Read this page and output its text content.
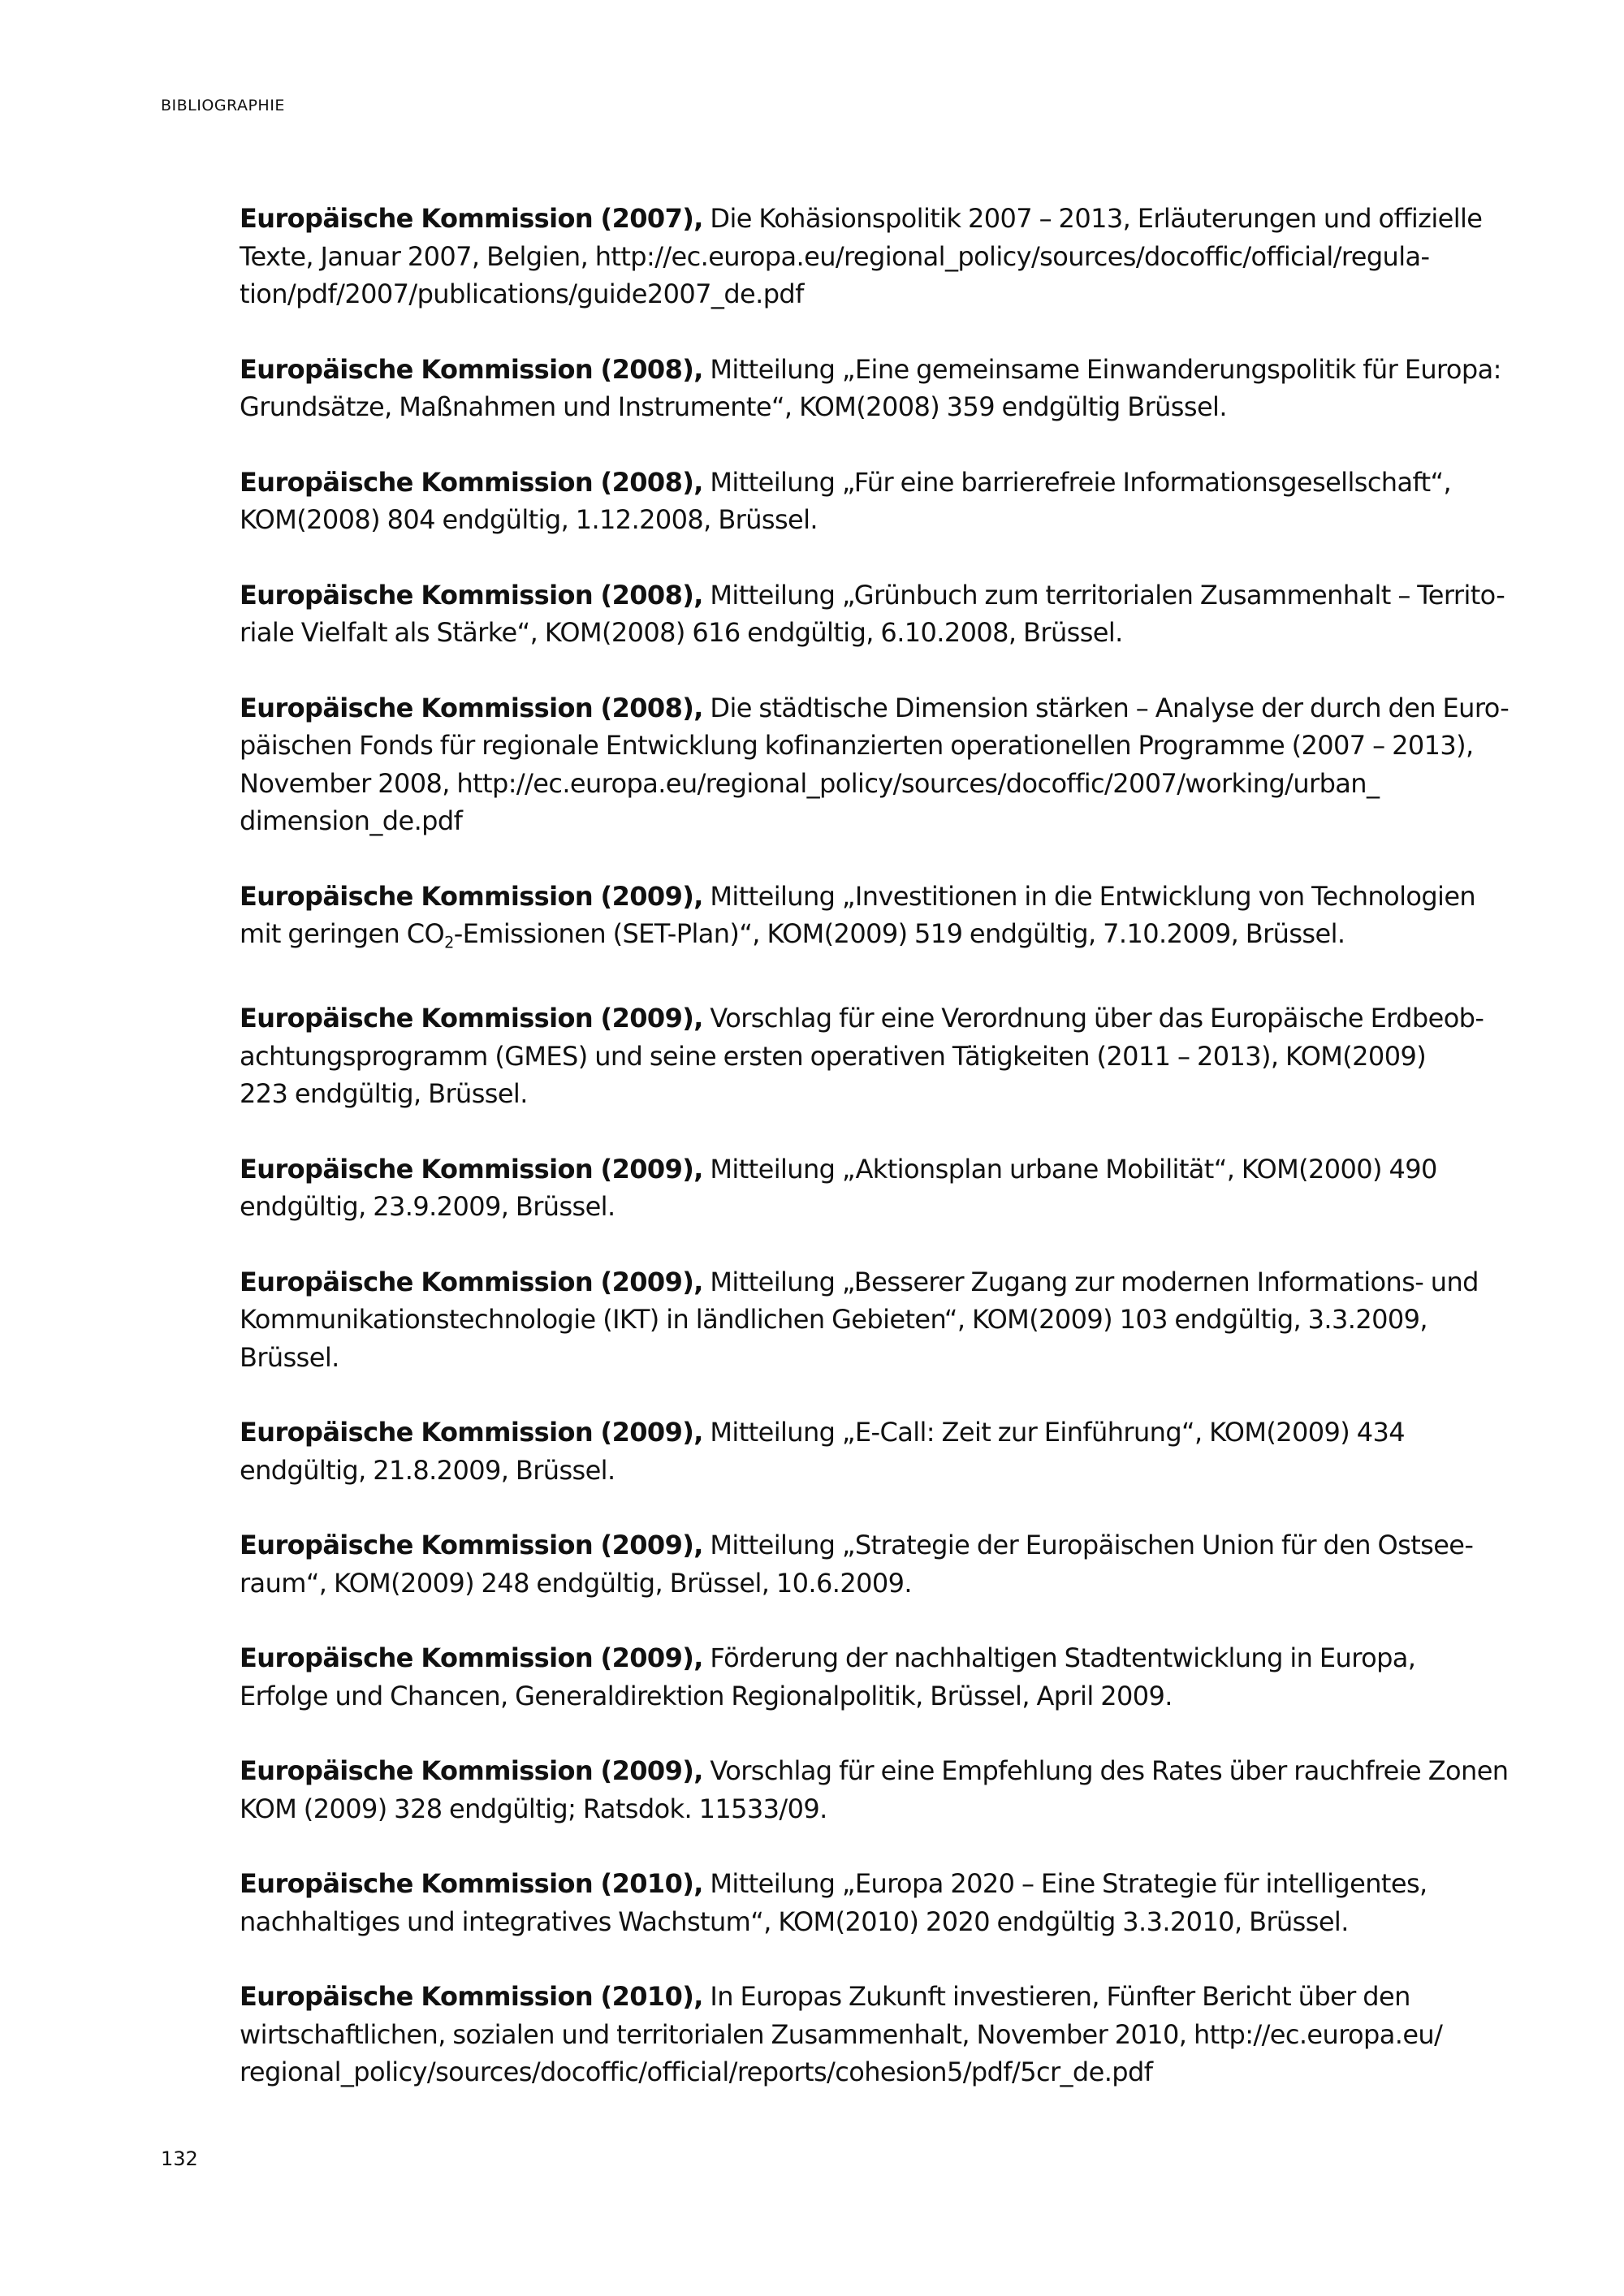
BIBLIOGRAPHIE
Europäische Kommission (2007), Die Kohäsionspolitik 2007 – 2013, Erläuterungen und offizielle
Texte, Januar 2007, Belgien, http://ec.europa.eu/regional_policy/sources/docoffic/official/regula-
tion/pdf/2007/publications/guide2007_de.pdf
Europäische Kommission (2008), Mitteilung „Eine gemeinsame Einwanderungspolitik für Europa:
Grundsätze, Maßnahmen und Instrumente“, KOM(2008) 359 endgültig Brüssel.
Europäische Kommission (2008), Mitteilung „Für eine barrierefreie Informationsgesellschaft“,
KOM(2008) 804 endgültig, 1.12.2008, Brüssel.
Europäische Kommission (2008), Mitteilung „Grünbuch zum territorialen Zusammenhalt – Territo-
riale Vielfalt als Stärke“, KOM(2008) 616 endgültig, 6.10.2008, Brüssel.
Europäische Kommission (2008), Die städtische Dimension stärken – Analyse der durch den Euro-
päischen Fonds für regionale Entwicklung kofinanzierten operationellen Programme (2007 – 2013),
November 2008, http://ec.europa.eu/regional_policy/sources/docoffic/2007/working/urban_
dimension_de.pdf
Europäische Kommission (2009), Mitteilung „Investitionen in die Entwicklung von Technologien
mit geringen $CO_2$-Emissionen (SET-Plan)“, KOM(2009) 519 endgültig, 7.10.2009, Brüssel.
Europäische Kommission (2009), Vorschlag für eine Verordnung über das Europäische Erdbeob-
achtungsprogramm (GMES) und seine ersten operativen Tätigkeiten (2011 – 2013), KOM(2009)
223 endgültig, Brüssel.
Europäische Kommission (2009), Mitteilung „Aktionsplan urbane Mobilität“, KOM(2000) 490
endgültig, 23.9.2009, Brüssel.
Europäische Kommission (2009), Mitteilung „Besserer Zugang zur modernen Informations- und
Kommunikationstechnologie (IKT) in ländlichen Gebieten“, KOM(2009) 103 endgültig, 3.3.2009,
Brüssel.
Europäische Kommission (2009), Mitteilung „E-Call: Zeit zur Einführung“, KOM(2009) 434
endgültig, 21.8.2009, Brüssel.
Europäische Kommission (2009), Mitteilung „Strategie der Europäischen Union für den Ostsee-
raum“, KOM(2009) 248 endgültig, Brüssel, 10.6.2009.
Europäische Kommission (2009), Förderung der nachhaltigen Stadtentwicklung in Europa,
Erfolge und Chancen, Generaldirektion Regionalpolitik, Brüssel, April 2009.
Europäische Kommission (2009), Vorschlag für eine Empfehlung des Rates über rauchfreie Zonen
KOM (2009) 328 endgültig; Ratsdok. 11533/09.
Europäische Kommission (2010), Mitteilung „Europa 2020 – Eine Strategie für intelligentes,
nachhaltiges und integratives Wachstum“, KOM(2010) 2020 endgültig 3.3.2010, Brüssel.
Europäische Kommission (2010), In Europas Zukunft investieren, Fünfter Bericht über den
wirtschaftlichen, sozialen und territorialen Zusammenhalt, November 2010, http://ec.europa.eu/
regional_policy/sources/docoffic/official/reports/cohesion5/pdf/5cr_de.pdf
132
